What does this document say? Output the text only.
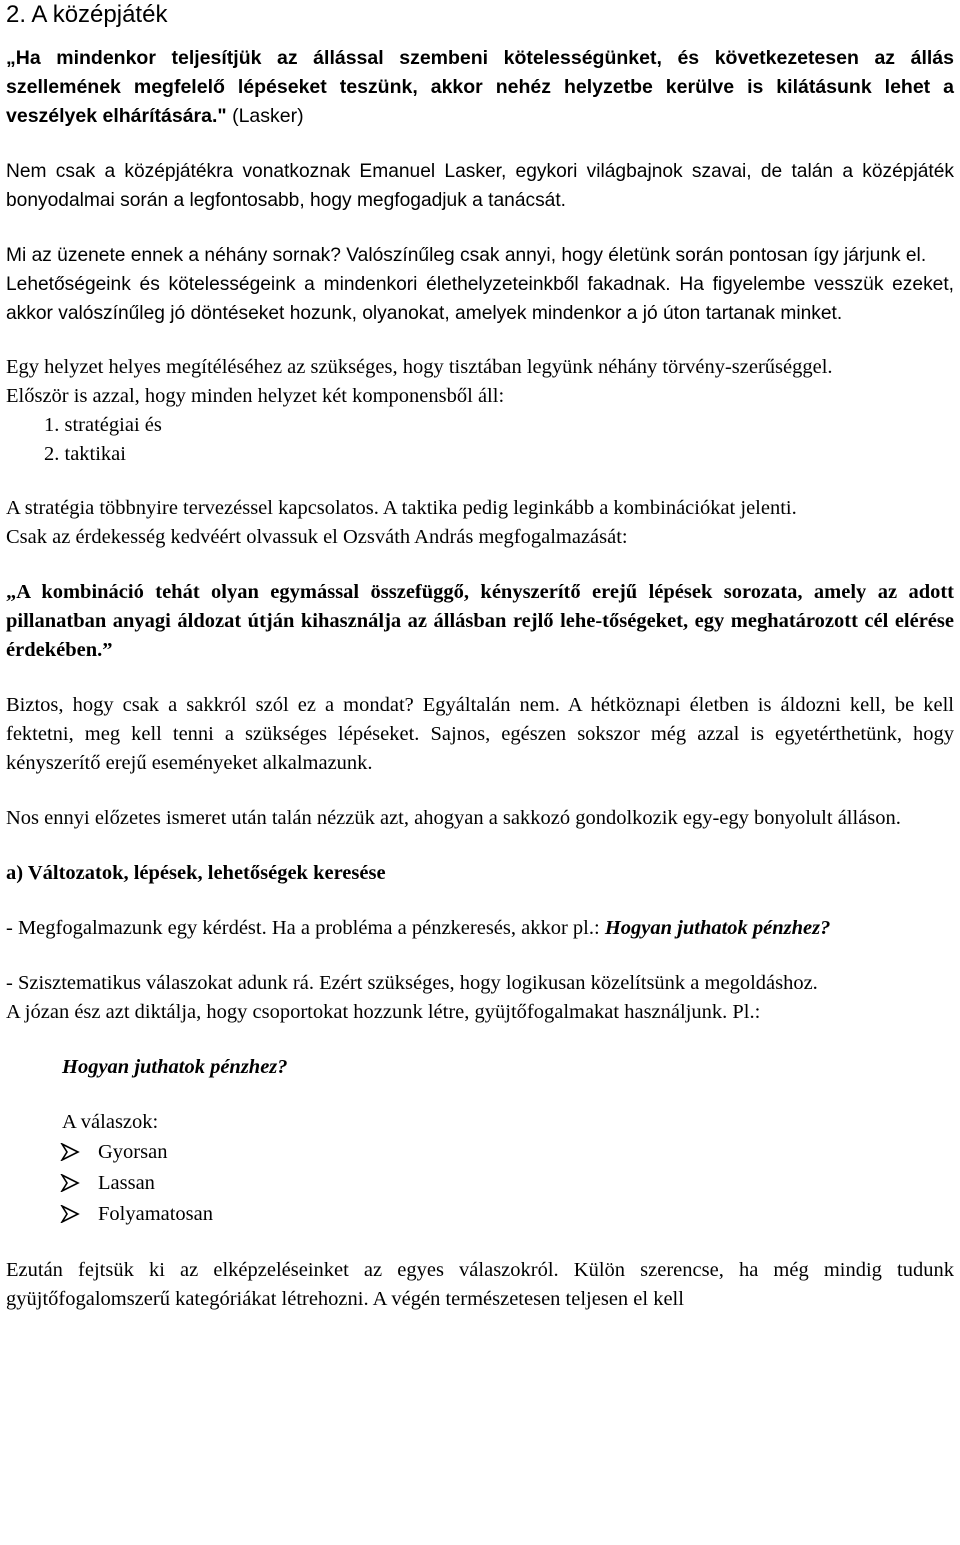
2. A középjáték

„Ha mindenkor teljesítjük az állással szembeni kötelességünket, és következetesen az állás szellemének megfelelő lépéseket teszünk, akkor nehéz helyzetbe kerülve is kilátásunk lehet a veszélyek elhárítására." (Lasker)

Nem csak a középjátékra vonatkoznak Emanuel Lasker, egykori világbajnok szavai, de talán a középjáték bonyodalmai során a legfontosabb, hogy megfogadjuk a tanácsát.

Mi az üzenete ennek a néhány sornak? Valószínűleg csak annyi, hogy életünk során pontosan így járjunk el.

Lehetőségeink és kötelességeink a mindenkori élethelyzeteinkből fakadnak. Ha figyelembe vesszük ezeket, akkor valószínűleg jó döntéseket hozunk, olyanokat, amelyek mindenkor a jó úton tartanak minket.

Egy helyzet helyes megítéléséhez az szükséges, hogy tisztában legyünk néhány törvény-szerűséggel.

Először is azzal, hogy minden helyzet két komponensből áll:

1. stratégiai és
2. taktikai

A stratégia többnyire tervezéssel kapcsolatos. A taktika pedig leginkább a kombinációkat jelenti.

Csak az érdekesség kedvéért olvassuk el Ozsváth András megfogalmazását:

„A kombináció tehát olyan egymással összefüggő, kényszerítő erejű lépések sorozata, amely az adott pillanatban anyagi áldozat útján kihasználja az állásban rejlő lehe-tőségeket, egy meghatározott cél elérése érdekében.”

Biztos, hogy csak a sakkról szól ez a mondat? Egyáltalán nem. A hétköznapi életben is áldozni kell, be kell fektetni, meg kell tenni a szükséges lépéseket. Sajnos, egészen sokszor még azzal is egyetérthetünk, hogy kényszerítő erejű eseményeket alkalmazunk.

Nos ennyi előzetes ismeret után talán nézzük azt, ahogyan a sakkozó gondolkozik egy-egy bonyolult álláson.

a) Változatok, lépések, lehetőségek keresése

- Megfogalmazunk egy kérdést. Ha a probléma a pénzkeresés, akkor pl.: Hogyan juthatok pénzhez?

- Szisztematikus válaszokat adunk rá. Ezért szükséges, hogy logikusan közelítsünk a megoldáshoz.

A józan ész azt diktálja, hogy csoportokat hozzunk létre, gyüjtőfogalmakat használjunk. Pl.:

Hogyan juthatok pénzhez?

A válaszok:

Gyorsan
Lassan
Folyamatosan

Ezután fejtsük ki az elképzeléseinket az egyes válaszokról. Külön szerencse, ha még mindig tudunk gyüjtőfogalomszerű kategóriákat létrehozni. A végén természetesen teljesen el kell
